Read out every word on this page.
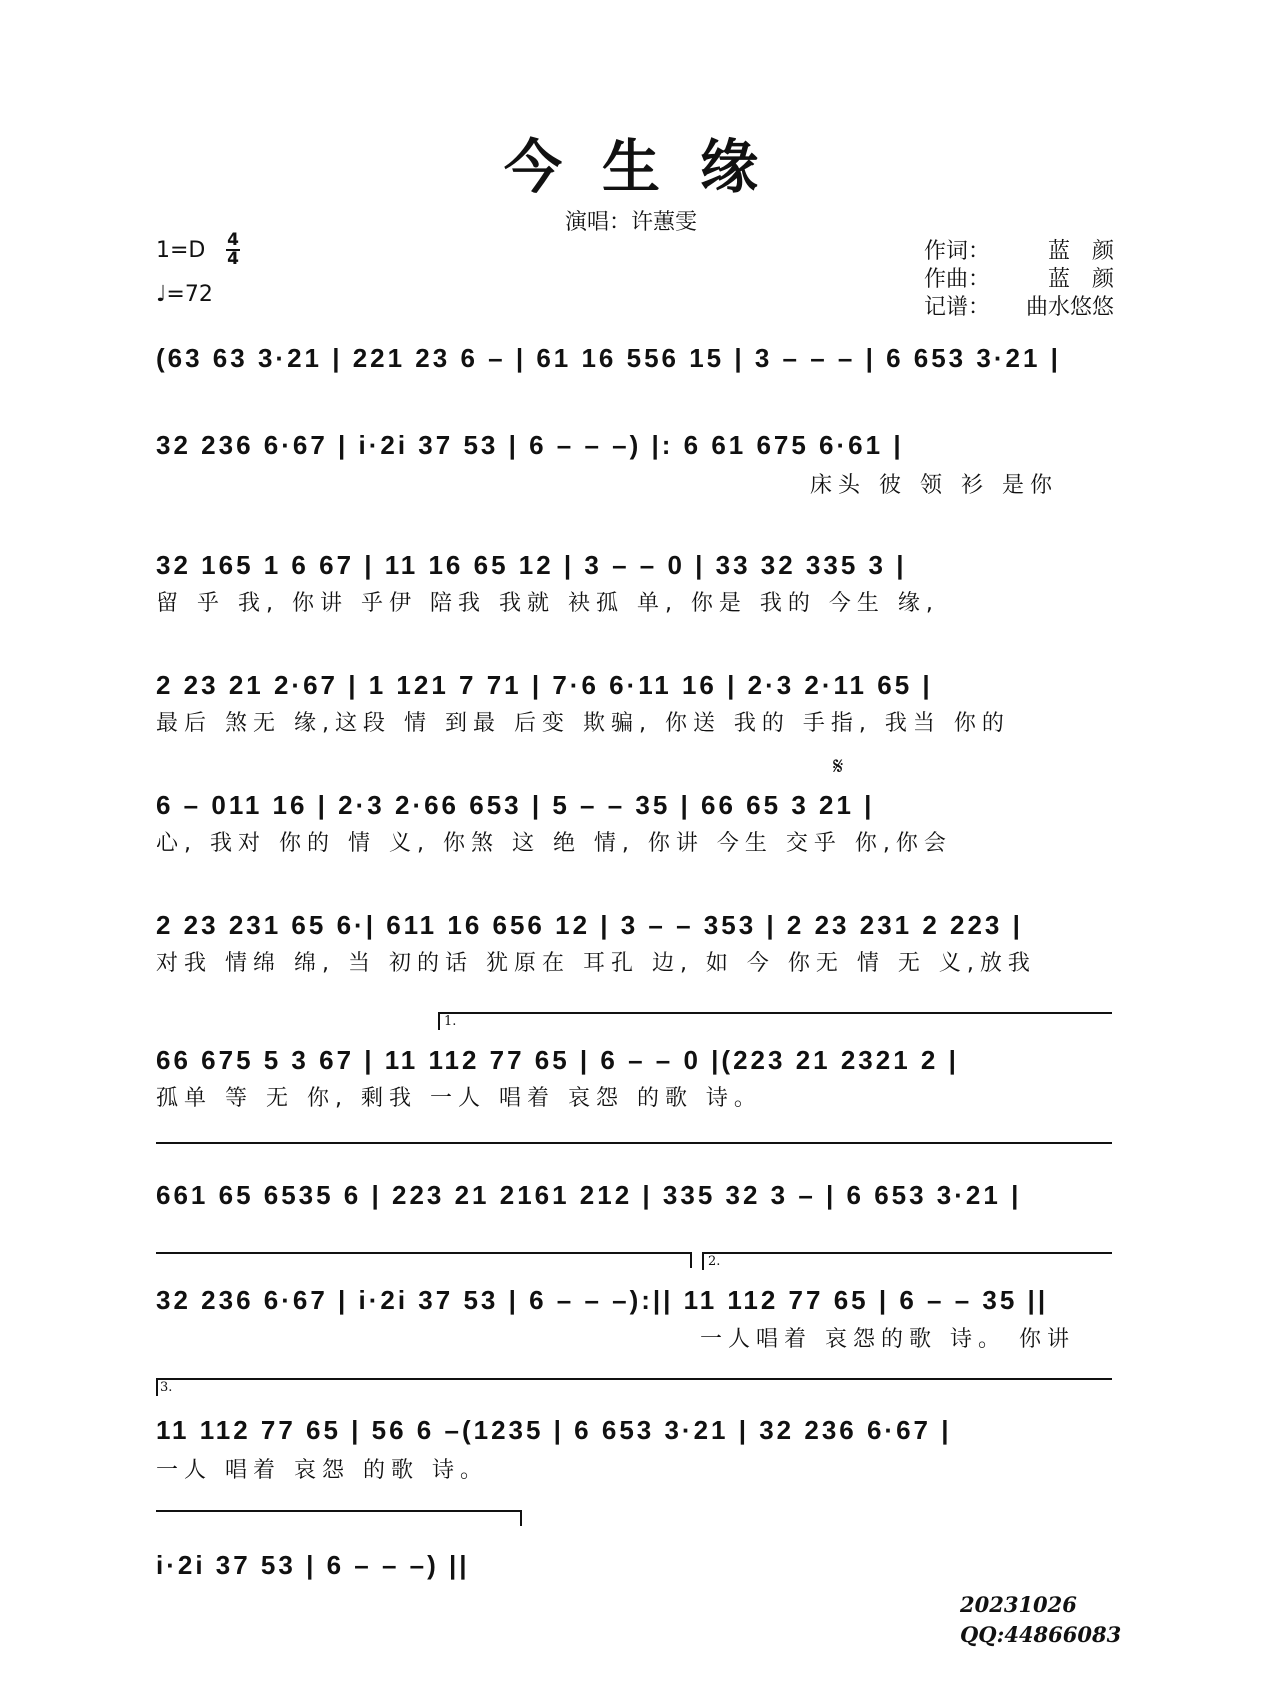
今生缘
演唱：许蕙雯
1=D 4
4
♩=72
作词：	蓝　颜
作曲：	蓝　颜
记谱： 曲水悠悠
(63 63 3·21 | 221 23 6 – | 61 16 556 15 | 3 – – – | 6 653 3·21 |
32 236 6·67 | i·2i 37 53 | 6 – – –) |: 6 61 675 6·61 |
床头 彼 领 衫 是你
32 165 1 6 67 | 11 16 65 12 | 3 – – 0 | 33 32 335 3 |
留 乎 我, 你讲 乎伊 陪我 我就 袂孤 单, 你是 我的 今生 缘,
2 23 21 2·67 | 1 121 7 71 | 7·6 6·11 16 | 2·3 2·11 65 |
最后 煞无 缘,这段 情 到最 后变 欺骗, 你送 我的 手指, 我当 你的
𝄋
6 – 011 16 | 2·3 2·66 653 | 5 – – 35 | 66 65 3 21 |
心, 我对 你的 情 义, 你煞 这 绝 情, 你讲 今生 交乎 你,你会
2 23 231 65 6·| 611 16 656 12 | 3 – – 353 | 2 23 231 2 223 |
对我 情绵 绵, 当 初的话 犹原在 耳孔 边, 如 今 你无 情 无 义,放我
1.
66 675 5 3 67 | 11 112 77 65 | 6 – – 0 |(223 21 2321 2 |
孤单 等 无 你, 剩我 一人 唱着 哀怨 的歌 诗。
661 65 6535 6 | 223 21 2161 212 | 335 32 3 – | 6 653 3·21 |
2.
32 236 6·67 | i·2i 37 53 | 6 – – –):|| 11 112 77 65 | 6 – – 35 ||
一人唱着 哀怨的歌 诗。 你讲
3.
11 112 77 65 | 56 6 –(1235 | 6 653 3·21 | 32 236 6·67 |
一人 唱着 哀怨 的歌 诗。
i·2i 37 53 | 6 – – –) ||
20231026
QQ:44866083
